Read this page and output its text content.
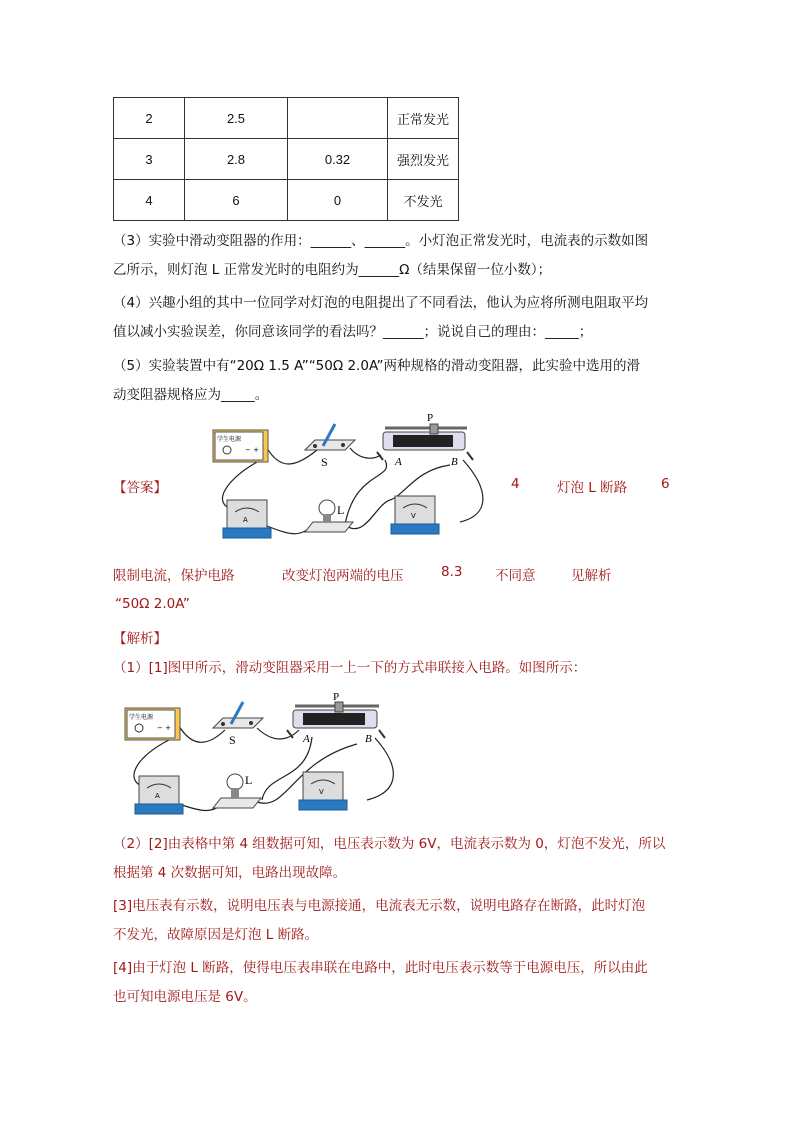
2	2.5		正常发光
3	2.8	0.32	强烈发光
4	6	0	不发光
（3）实验中滑动变阻器的作用：______、______。小灯泡正常发光时，电流表的示数如图
乙所示，则灯泡 L 正常发光时的电阻约为______Ω（结果保留一位小数）；
（4）兴趣小组的其中一位同学对灯泡的电阻提出了不同看法，他认为应将所测电阻取平均
值以减小实验误差，你同意该同学的看法吗？______；说说自己的理由：_____；
（5）实验装置中有“20Ω 1.5 A”“50Ω 2.0A”两种规格的滑动变阻器，此实验中选用的滑
动变阻器规格应为_____。
学生电源
− +
S
P
A	B
A
L	V
【答案】	4	灯泡 L 断路	6
限制电流，保护电路	改变灯泡两端的电压	8.3 不同意	见解析
“50Ω 2.0A”
【解析】
（1）[1]图甲所示，滑动变阻器采用一上一下的方式串联接入电路。如图所示：
学生电源
− +
S
P
A	B
A
L
V
（2）[2]由表格中第 4 组数据可知，电压表示数为 6V，电流表示数为 0，灯泡不发光，所以
根据第 4 次数据可知，电路出现故障。
[3]电压表有示数，说明电压表与电源接通，电流表无示数，说明电路存在断路，此时灯泡
不发光，故障原因是灯泡 L 断路。
[4]由于灯泡 L 断路，使得电压表串联在电路中，此时电压表示数等于电源电压，所以由此
也可知电源电压是 6V。
